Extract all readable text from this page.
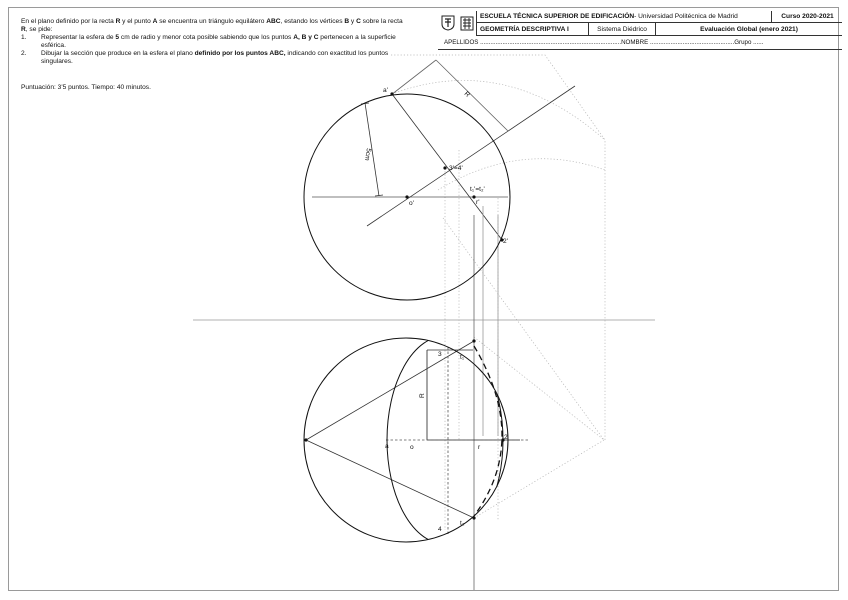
En el plano definido por la recta R y el punto A se encuentra un triángulo equilátero ABC, estando los vértices B y C sobre la recta R, se pide:

1. Representar la esfera de 5 cm de radio y menor cota posible sabiendo que los puntos A, B y C pertenecen a la superficie esférica.
2. Dibujar la sección que produce en la esfera el plano definido por los puntos ABC, indicando con exactitud los puntos singulares.
Puntuación: 3'5 puntos. Tiempo: 40 minutos.
ESCUELA TÉCNICA SUPERIOR DE EDIFICACIÓN - Universidad Politécnica de Madrid	Curso 2020-2021
GEOMETRÍA DESCRIPTIVA I	Sistema Diédrico	Evaluación Global (enero 2021)
APELLIDOS .................................................................................. NOMBRE ................................................. Grupo ......
a'
o'	r'
3'=4'
t₁'=t₂'
2'
R
5cm
a	o	r
2
3
4
t₁
t₂
R
